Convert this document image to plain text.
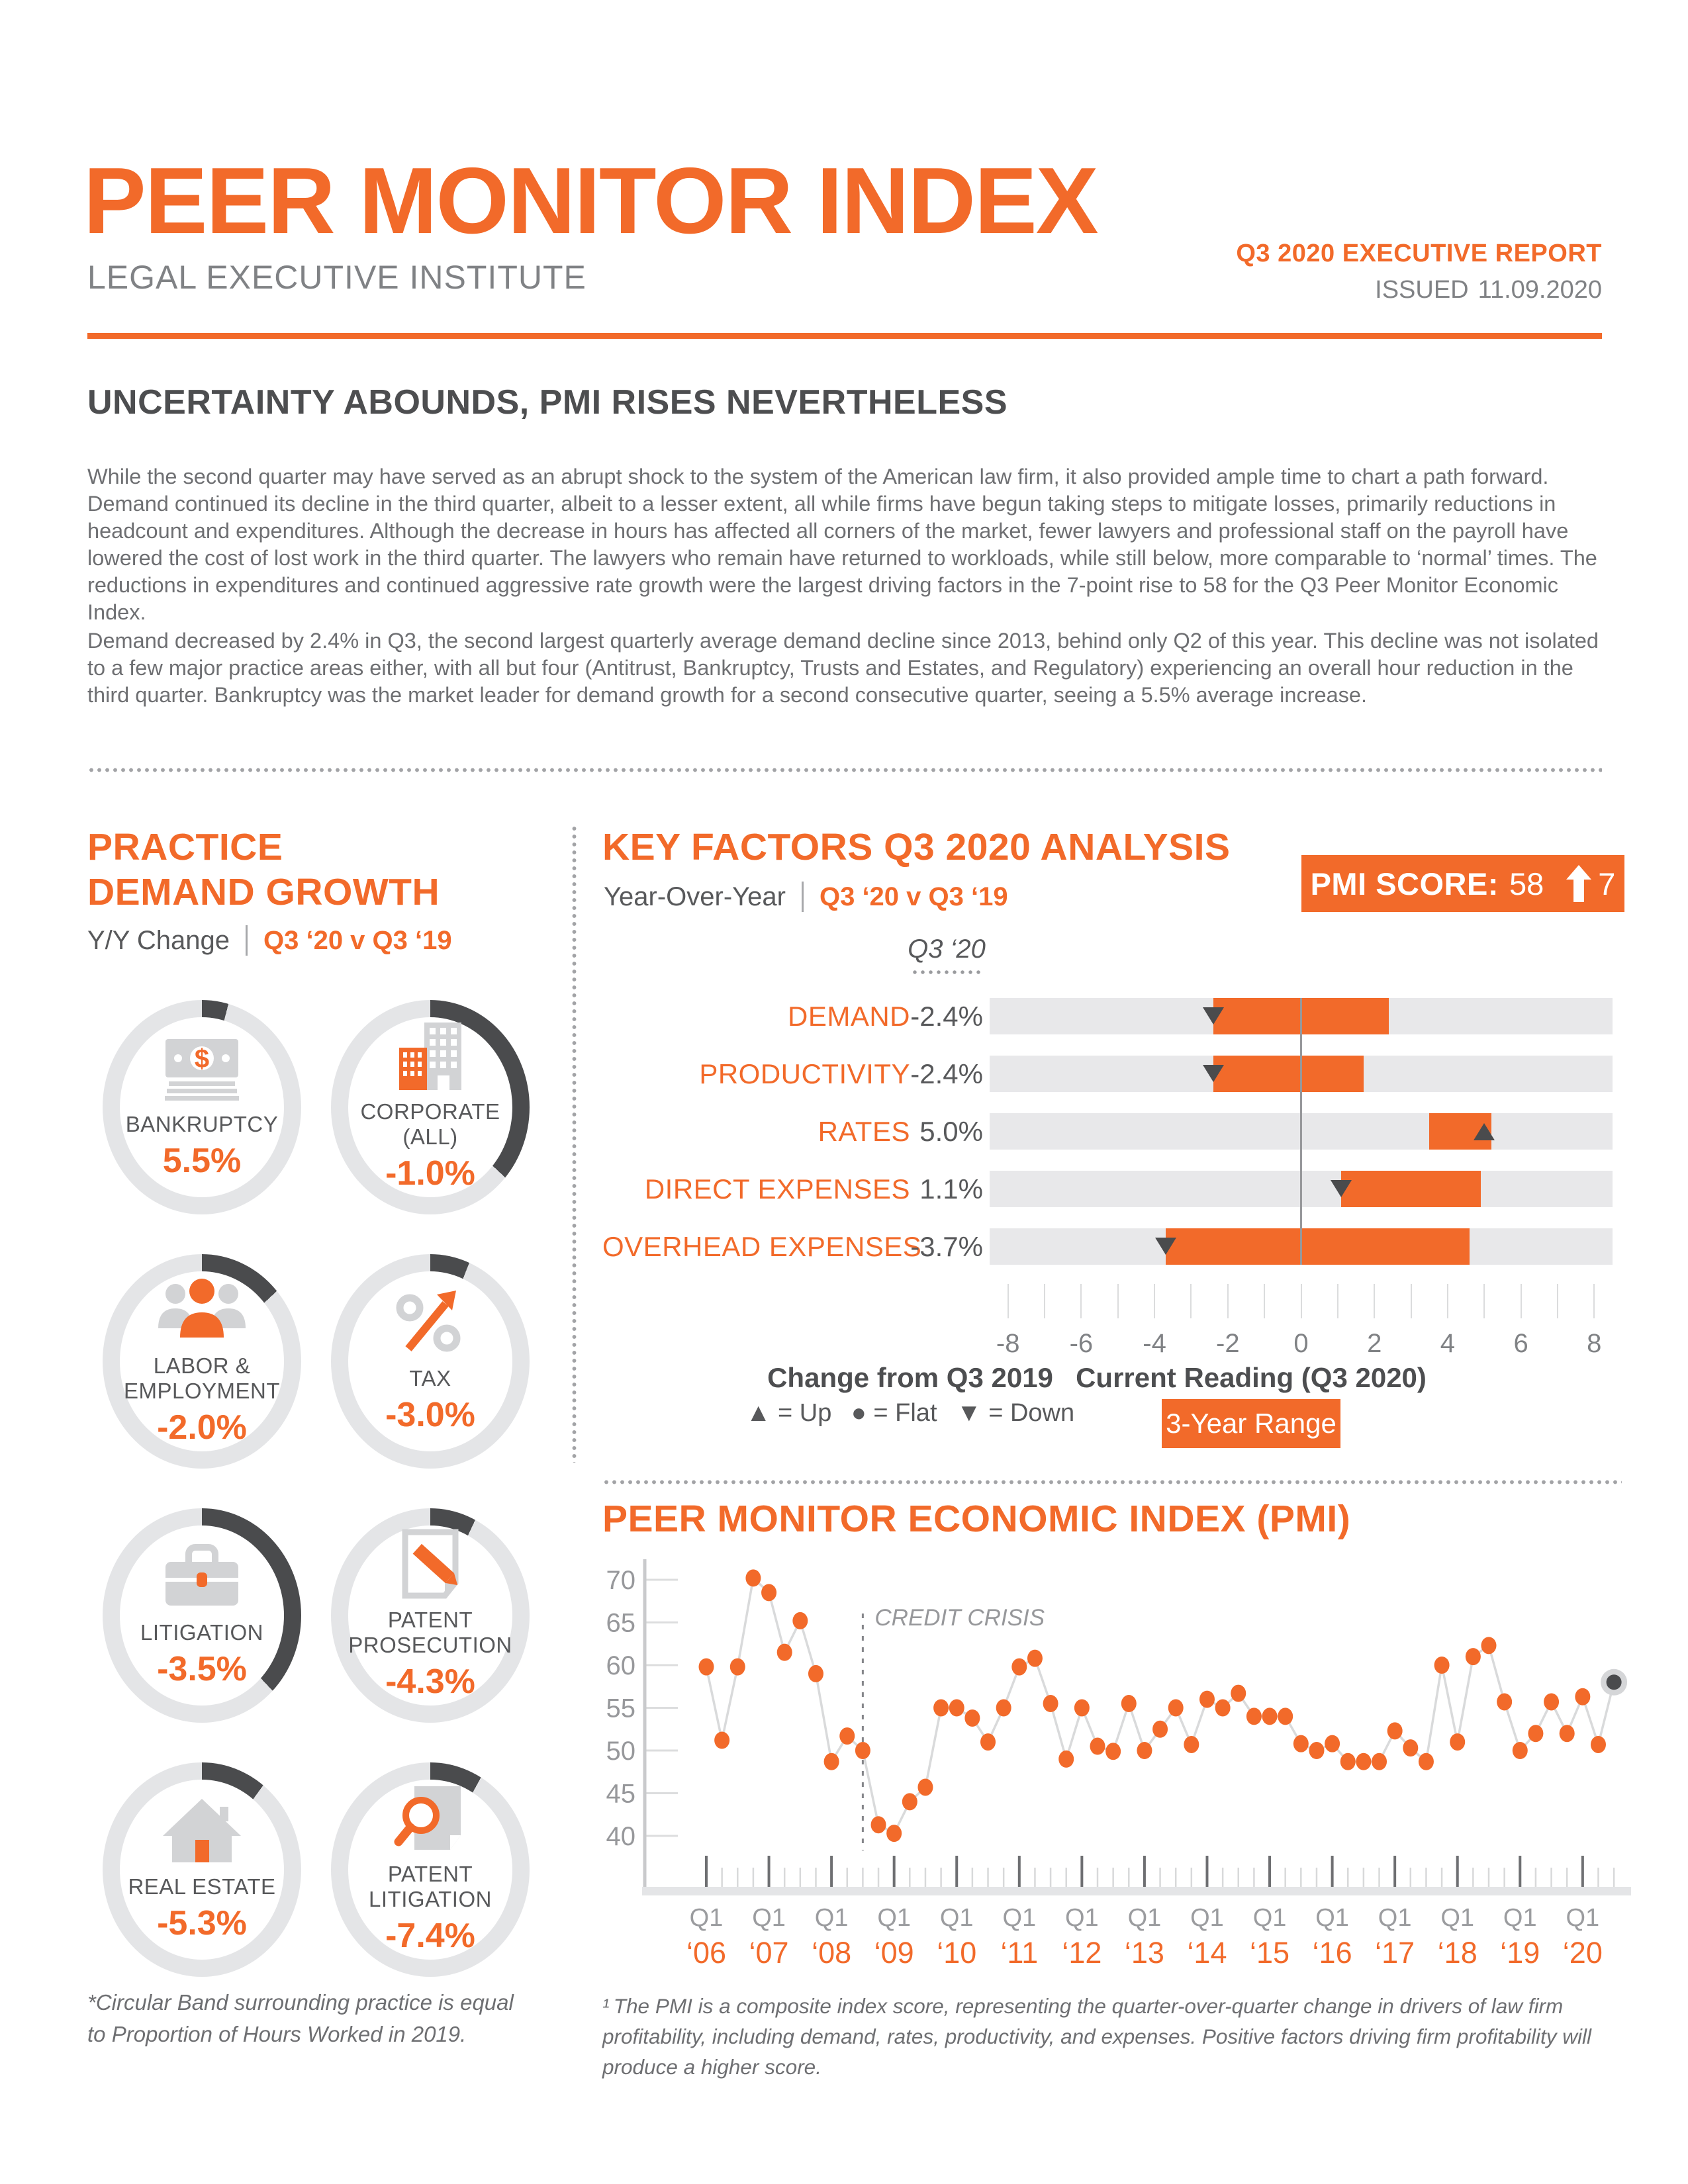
PEER MONITOR INDEX
LEGAL EXECUTIVE INSTITUTE
Q3 2020 EXECUTIVE REPORT
ISSUED 11.09.2020
UNCERTAINTY ABOUNDS, PMI RISES NEVERTHELESS
While the second quarter may have served as an abrupt shock to the system of the American law firm, it also provided ample time to chart a path forward. Demand continued its decline in the third quarter, albeit to a lesser extent, all while firms have begun taking steps to mitigate losses, primarily reductions in headcount and expenditures. Although the decrease in hours has affected all corners of the market, fewer lawyers and professional staff on the payroll have lowered the cost of lost work in the third quarter. The lawyers who remain have returned to workloads, while still below, more comparable to ‘normal’ times. The reductions in expenditures and continued aggressive rate growth were the largest driving factors in the 7-point rise to 58 for the Q3 Peer Monitor Economic Index.
Demand decreased by 2.4% in Q3, the second largest quarterly average demand decline since 2013, behind only Q2 of this year. This decline was not isolated to a few major practice areas either, with all but four (Antitrust, Bankruptcy, Trusts and Estates, and Regulatory) experiencing an overall hour reduction in the third quarter. Bankruptcy was the market leader for demand growth for a second consecutive quarter, seeing a 5.5% average increase.
PRACTICE DEMAND GROWTH
Y/Y Change Q3 ‘20 v Q3 ‘19
$
BANKRUPTCY
5.5%
CORPORATE (ALL)
-1.0%
LABOR & EMPLOYMENT
-2.0%
TAX
-3.0%
LITIGATION
-3.5%
PATENT PROSECUTION
-4.3%
REAL ESTATE
-5.3%
PATENT LITIGATION
-7.4%
*Circular Band surrounding practice is equal to Proportion of Hours Worked in 2019.
KEY FACTORS Q3 2020 ANALYSIS
Year-Over-Year Q3 ‘20 v Q3 ‘19	PMI SCORE: 58 7
Q3 ‘20
DEMAND -2.4%
PRODUCTIVITY -2.4%
RATES 5.0%
DIRECT EXPENSES 1.1%
OVERHEAD EXPENSES
-3.7%
-8	-6	-4	-2	0	2	4	6	8
Change from Q3 2019
▲ = Up  ● = Flat  ▼ = Down
Current Reading (Q3 2020)
3-Year Range
PEER MONITOR ECONOMIC INDEX (PMI)
70
65
60
55
50
45
40
Q1
‘06
Q1
‘07
Q1
‘08
Q1
‘09
Q1
‘10
Q1
‘11
Q1
‘12
Q1
‘13
Q1
‘14
Q1
‘15
Q1
‘16
Q1
‘17
Q1
‘18
Q1
‘19
Q1
‘20
CREDIT CRISIS
¹ The PMI is a composite index score, representing the quarter-over-quarter change in drivers of law firm profitability, including demand, rates, productivity, and expenses. Positive factors driving firm profitability will produce a higher score.
